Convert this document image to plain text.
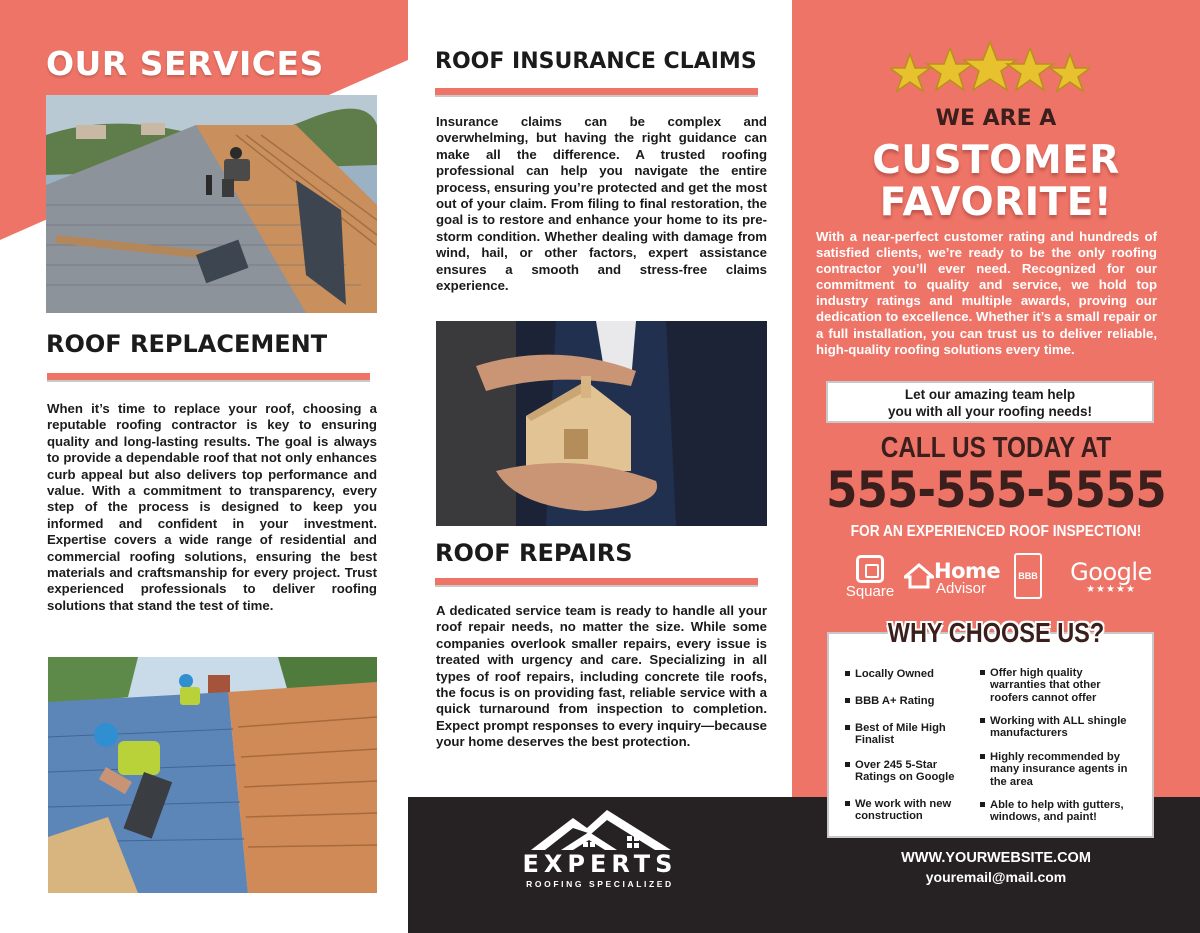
OUR SERVICES
ROOF REPLACEMENT

When it’s time to replace your roof, choosing a reputable roofing contractor is key to ensuring quality and long-lasting results. The goal is always to provide a dependable roof that not only enhances curb appeal but also delivers top performance and value. With a commitment to transparency, every step of the process is designed to keep you informed and confident in your investment. Expertise covers a wide range of residential and commercial roofing solutions, ensuring the best materials and craftsmanship for every project. Trust experienced professionals to deliver roofing solutions that stand the test of time.

ROOF INSURANCE CLAIMS

Insurance claims can be complex and overwhelming, but having the right guidance can make all the difference. A trusted roofing professional can help you navigate the entire process, ensuring you’re protected and get the most out of your claim. From filing to final restoration, the goal is to restore and enhance your home to its pre-storm condition. Whether dealing with damage from wind, hail, or other factors, expert assistance ensures a smooth and stress-free claims experience.

ROOF REPAIRS

A dedicated service team is ready to handle all your roof repair needs, no matter the size. While some companies overlook smaller repairs, every issue is treated with urgency and care. Specializing in all types of roof repairs, including concrete tile roofs, the focus is on providing fast, reliable service with a quick turnaround from inspection to completion. Expect prompt responses to every inquiry—because your home deserves the best protection.

EXPERTS
ROOFING SPECIALIZED
WE ARE A
CUSTOMER
FAVORITE!

With a near-perfect customer rating and hundreds of satisfied clients, we’re ready to be the only roofing contractor you’ll ever need. Recognized for our commitment to quality and service, we hold top industry ratings and multiple awards, proving our dedication to excellence. Whether it’s a small repair or a full installation, you can trust us to deliver reliable, high-quality roofing solutions every time.

Let our amazing team help
you with all your roofing needs!
CALL US TODAY AT
555-555-5555
FOR AN EXPERIENCED ROOF INSPECTION!
Square
Home
Advisor
BBB	Google
★★★★★
Locally Owned
BBB A+ Rating
Best of Mile High Finalist
Over 245 5-Star Ratings on Google
We work with new construction
Offer high quality warranties that other roofers cannot offer
Working with ALL shingle manufacturers
Highly recommended by many insurance agents in the area
Able to help with gutters, windows, and paint!
WHY CHOOSE US?
WWW.YOURWEBSITE.COM
youremail@mail.com
